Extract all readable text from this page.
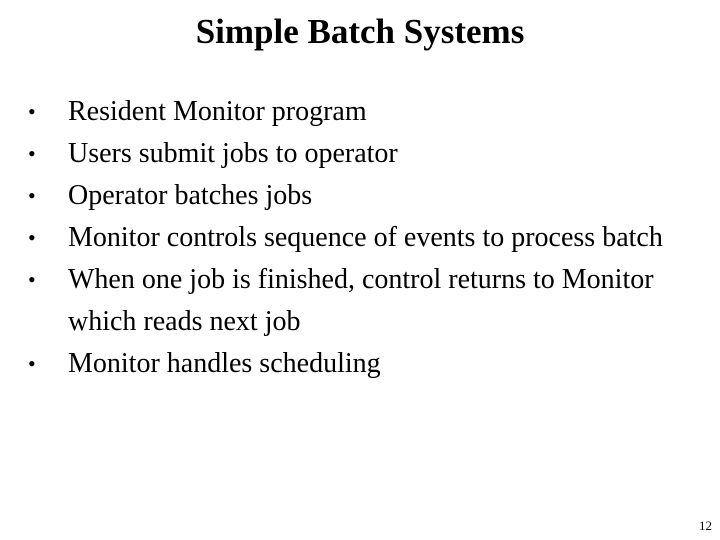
Simple Batch Systems
• Resident Monitor program
• Users submit jobs to operator
• Operator batches jobs
• Monitor controls sequence of events to process batch
• When one job is finished, control returns to Monitor which reads next job
• Monitor handles scheduling
12
